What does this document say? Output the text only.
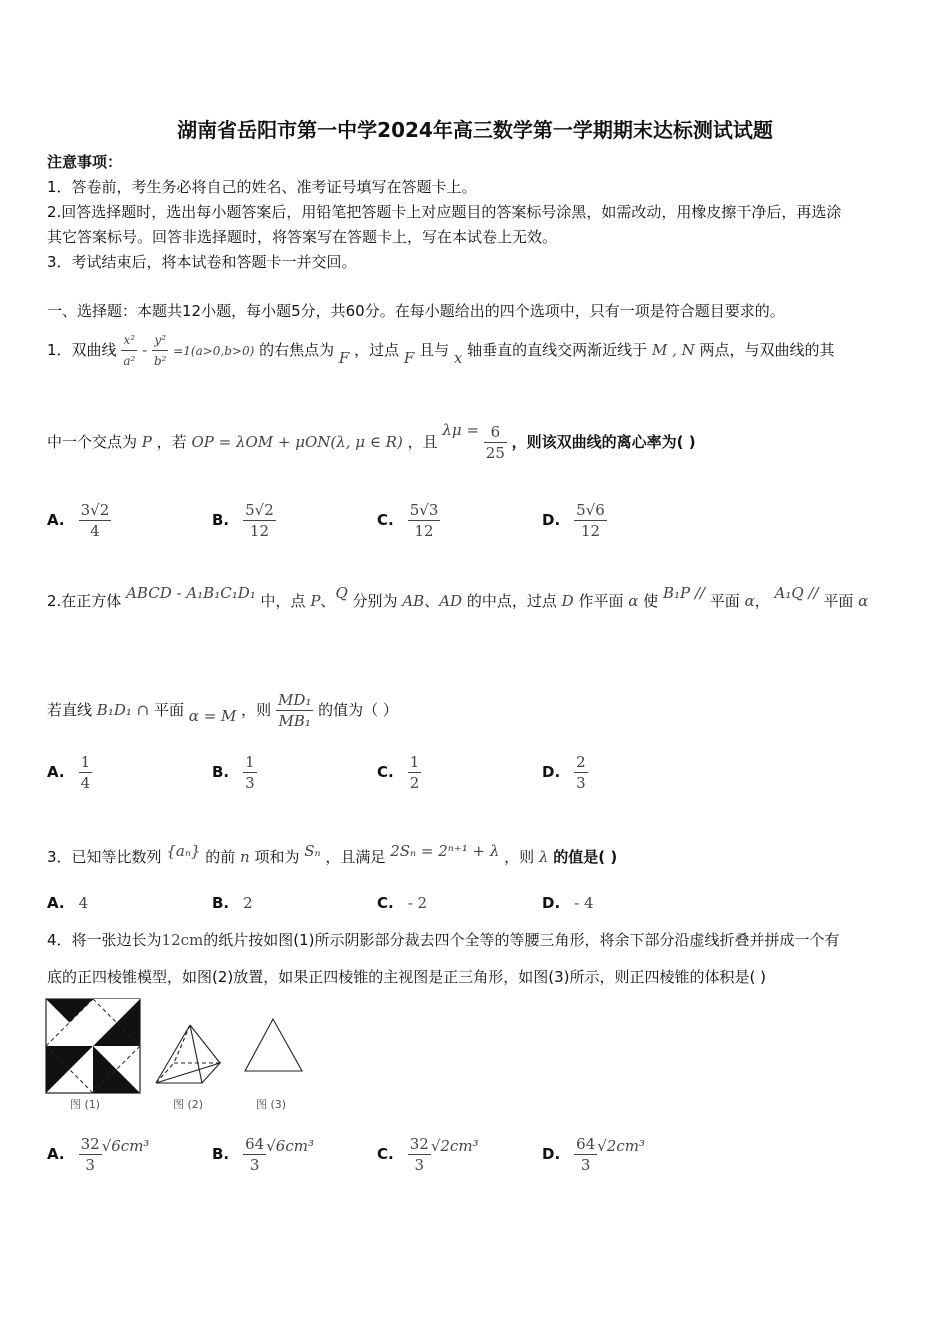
湖南省岳阳市第一中学2024年高三数学第一学期期末达标测试试题
注意事项：
1．答卷前，考生务必将自己的姓名、准考证号填写在答题卡上。
2.回答选择题时，选出每小题答案后，用铅笔把答题卡上对应题目的答案标号涂黑，如需改动，用橡皮擦干净后，再选涂
其它答案标号。回答非选择题时，将答案写在答题卡上，写在本试卷上无效。
3．考试结束后，将本试卷和答题卡一并交回。
一、选择题：本题共12小题，每小题5分，共60分。在每小题给出的四个选项中，只有一项是符合题目要求的。
1．双曲线 $\frac{\text{x²}}{\text{a²}} - \frac{\text{y²}}{\text{b²}} =1(a>0,b>0)$ 的右焦点为 F ，过点 F 且与 x 轴垂直的直线交两渐近线于 M , N 两点，与双曲线的其
中一个交点为 P ，若 OP = λOM + μON(λ, μ ∈ R) ，且 $\lambda\mu = \frac{6}{25}$ ，则该双曲线的离心率为( )
A. $\frac{3√2}{4}$	B. $\frac{5√2}{12}$	C. $\frac{5√3}{12}$	D. $\frac{5√6}{12}$
2.在正方体 ABCD - A₁B₁C₁D₁ 中，点 P、Q 分别为 AB、AD 的中点，过点 D 作平面 α 使 B₁P // 平面 α， A₁Q // 平面 α
若直线 B₁D₁ ∩ 平面 α = M ，则 $\frac{\text{MD₁}}{\text{MB₁}}$ 的值为（ ）
A. $\frac{1}{4}$	B. $\frac{1}{3}$	C. $\frac{1}{2}$	D. $\frac{2}{3}$
3．已知等比数列 {aₙ} 的前 n 项和为 Sₙ ，且满足 2Sₙ = 2ⁿ⁺¹ + λ ，则 λ 的值是( )
A. 4	B. 2	C. - 2	D. - 4
4．将一张边长为12cm的纸片按如图(1)所示阴影部分裁去四个全等的等腰三角形，将余下部分沿虚线折叠并拼成一个有
底的正四棱锥模型，如图(2)放置，如果正四棱锥的主视图是正三角形，如图(3)所示，则正四棱锥的体积是( )
图 (1)	图 (2)	图 (3)
A. $\frac{32}{3} √6cm^3$	B. $\frac{64}{3} √6cm^3$	C. $\frac{32}{3} √2cm^3$	D. $\frac{64}{3} √2cm^3$
